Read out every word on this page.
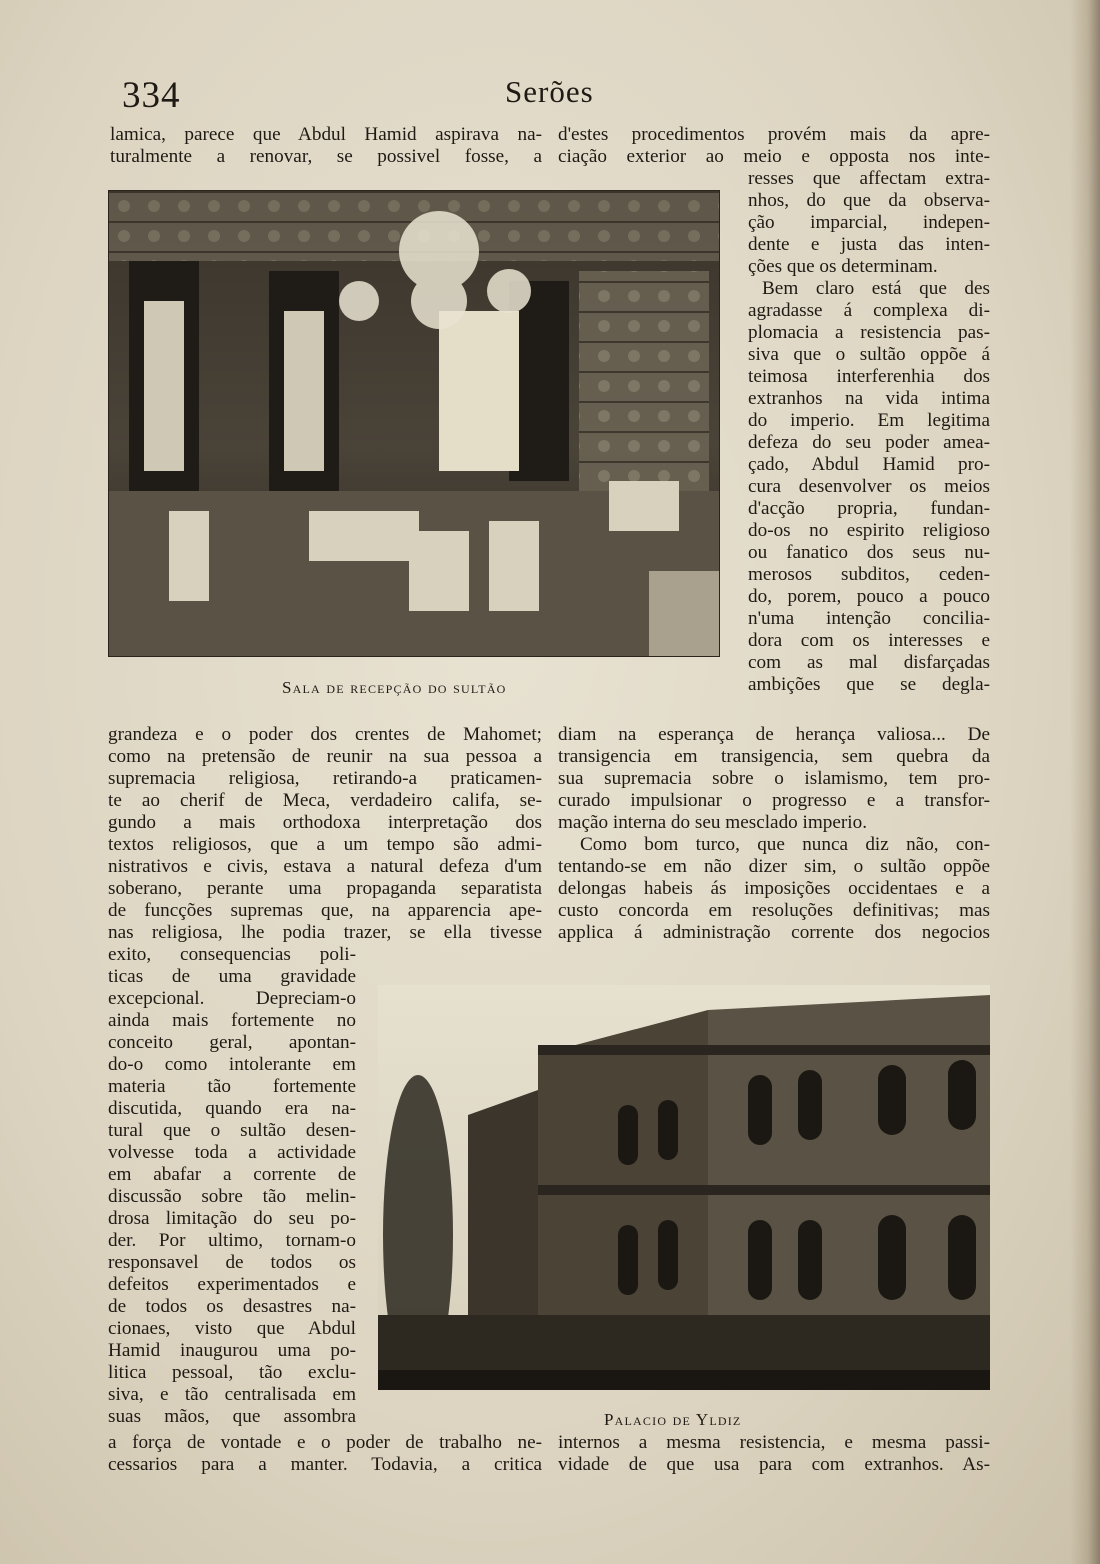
334	Serões
Sala de recepção do sultão
Palacio de Yldiz
lamica, parece que Abdul Hamid aspirava na-
turalmente a renovar, se possivel fosse, a
grandeza e o poder dos crentes de Mahomet;
como na pretensão de reunir na sua pessoa a
supremacia religiosa, retirando-a praticamen-
te ao cherif de Meca, verdadeiro califa, se-
gundo a mais orthodoxa interpretação dos
textos religiosos, que a um tempo são admi-
nistrativos e civis, estava a natural defeza d'um
soberano, perante uma propaganda separatista
de funcções supremas que, na apparencia ape-
nas religiosa, lhe podia trazer, se ella tivesse
exito, consequencias poli-
ticas de uma gravidade
excepcional. Depreciam-o
ainda mais fortemente no
conceito geral, apontan-
do-o como intolerante em
materia tão fortemente
discutida, quando era na-
tural que o sultão desen-
volvesse toda a actividade
em abafar a corrente de
discussão sobre tão melin-
drosa limitação do seu po-
der. Por ultimo, tornam-o
responsavel de todos os
defeitos experimentados e
de todos os desastres na-
cionaes, visto que Abdul
Hamid inaugurou uma po-
litica pessoal, tão exclu-
siva, e tão centralisada em
suas mãos, que assombra
a força de vontade e o poder de trabalho ne-
cessarios para a manter. Todavia, a critica
d'estes procedimentos provém mais da apre-
ciação exterior ao meio e opposta nos inte-
resses que affectam extra-
nhos, do que da observa-
ção imparcial, indepen-
dente e justa das inten-
ções que os determinam.
Bem claro está que des
agradasse á complexa di-
plomacia a resistencia pas-
siva que o sultão oppõe á
teimosa interferenhia dos
extranhos na vida intima
do imperio. Em legitima
defeza do seu poder amea-
çado, Abdul Hamid pro-
cura desenvolver os meios
d'acção propria, fundan-
do-os no espirito religioso
ou fanatico dos seus nu-
merosos subditos, ceden-
do, porem, pouco a pouco
n'uma intenção concilia-
dora com os interesses e
com as mal disfarçadas
ambições que se degla-
diam na esperança de herança valiosa... De
transigencia em transigencia, sem quebra da
sua supremacia sobre o islamismo, tem pro-
curado impulsionar o progresso e a transfor-
mação interna do seu mesclado imperio.
Como bom turco, que nunca diz não, con-
tentando-se em não dizer sim, o sultão oppõe
delongas habeis ás imposições occidentaes e a
custo concorda em resoluções definitivas; mas
applica á administração corrente dos negocios
internos a mesma resistencia, e mesma passi-
vidade de que usa para com extranhos. As-
